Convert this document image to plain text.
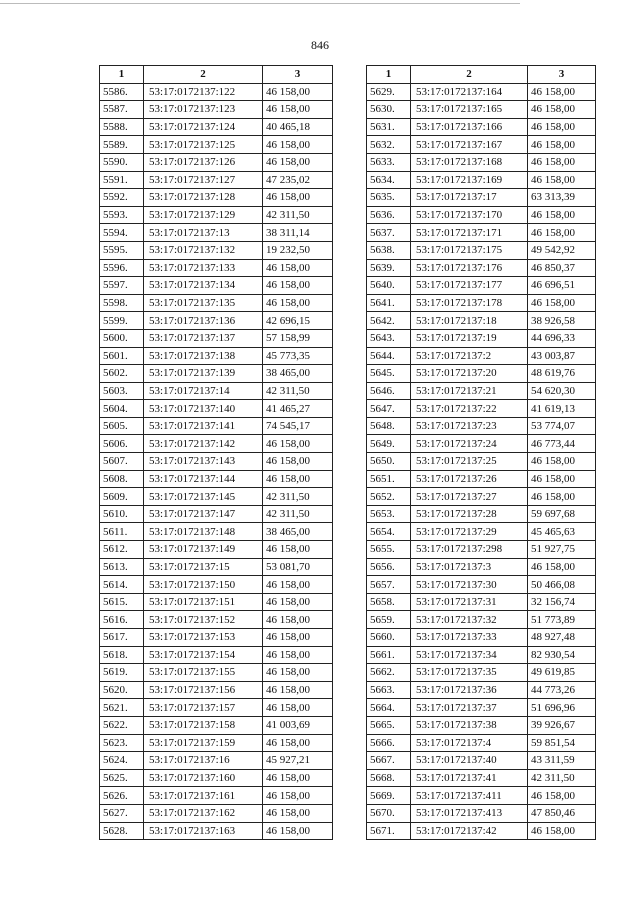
846
1	2	3
5586.	53:17:0172137:122	46 158,00
5587.	53:17:0172137:123	46 158,00
5588.	53:17:0172137:124	40 465,18
5589.	53:17:0172137:125	46 158,00
5590.	53:17:0172137:126	46 158,00
5591.	53:17:0172137:127	47 235,02
5592.	53:17:0172137:128	46 158,00
5593.	53:17:0172137:129	42 311,50
5594.	53:17:0172137:13	38 311,14
5595.	53:17:0172137:132	19 232,50
5596.	53:17:0172137:133	46 158,00
5597.	53:17:0172137:134	46 158,00
5598.	53:17:0172137:135	46 158,00
5599.	53:17:0172137:136	42 696,15
5600.	53:17:0172137:137	57 158,99
5601.	53:17:0172137:138	45 773,35
5602.	53:17:0172137:139	38 465,00
5603.	53:17:0172137:14	42 311,50
5604.	53:17:0172137:140	41 465,27
5605.	53:17:0172137:141	74 545,17
5606.	53:17:0172137:142	46 158,00
5607.	53:17:0172137:143	46 158,00
5608.	53:17:0172137:144	46 158,00
5609.	53:17:0172137:145	42 311,50
5610.	53:17:0172137:147	42 311,50
5611.	53:17:0172137:148	38 465,00
5612.	53:17:0172137:149	46 158,00
5613.	53:17:0172137:15	53 081,70
5614.	53:17:0172137:150	46 158,00
5615.	53:17:0172137:151	46 158,00
5616.	53:17:0172137:152	46 158,00
5617.	53:17:0172137:153	46 158,00
5618.	53:17:0172137:154	46 158,00
5619.	53:17:0172137:155	46 158,00
5620.	53:17:0172137:156	46 158,00
5621.	53:17:0172137:157	46 158,00
5622.	53:17:0172137:158	41 003,69
5623.	53:17:0172137:159	46 158,00
5624.	53:17:0172137:16	45 927,21
5625.	53:17:0172137:160	46 158,00
5626.	53:17:0172137:161	46 158,00
5627.	53:17:0172137:162	46 158,00
5628.	53:17:0172137:163	46 158,00
1	2	3
5629.	53:17:0172137:164	46 158,00
5630.	53:17:0172137:165	46 158,00
5631.	53:17:0172137:166	46 158,00
5632.	53:17:0172137:167	46 158,00
5633.	53:17:0172137:168	46 158,00
5634.	53:17:0172137:169	46 158,00
5635.	53:17:0172137:17	63 313,39
5636.	53:17:0172137:170	46 158,00
5637.	53:17:0172137:171	46 158,00
5638.	53:17:0172137:175	49 542,92
5639.	53:17:0172137:176	46 850,37
5640.	53:17:0172137:177	46 696,51
5641.	53:17:0172137:178	46 158,00
5642.	53:17:0172137:18	38 926,58
5643.	53:17:0172137:19	44 696,33
5644.	53:17:0172137:2	43 003,87
5645.	53:17:0172137:20	48 619,76
5646.	53:17:0172137:21	54 620,30
5647.	53:17:0172137:22	41 619,13
5648.	53:17:0172137:23	53 774,07
5649.	53:17:0172137:24	46 773,44
5650.	53:17:0172137:25	46 158,00
5651.	53:17:0172137:26	46 158,00
5652.	53:17:0172137:27	46 158,00
5653.	53:17:0172137:28	59 697,68
5654.	53:17:0172137:29	45 465,63
5655.	53:17:0172137:298	51 927,75
5656.	53:17:0172137:3	46 158,00
5657.	53:17:0172137:30	50 466,08
5658.	53:17:0172137:31	32 156,74
5659.	53:17:0172137:32	51 773,89
5660.	53:17:0172137:33	48 927,48
5661.	53:17:0172137:34	82 930,54
5662.	53:17:0172137:35	49 619,85
5663.	53:17:0172137:36	44 773,26
5664.	53:17:0172137:37	51 696,96
5665.	53:17:0172137:38	39 926,67
5666.	53:17:0172137:4	59 851,54
5667.	53:17:0172137:40	43 311,59
5668.	53:17:0172137:41	42 311,50
5669.	53:17:0172137:411	46 158,00
5670.	53:17:0172137:413	47 850,46
5671.	53:17:0172137:42	46 158,00
